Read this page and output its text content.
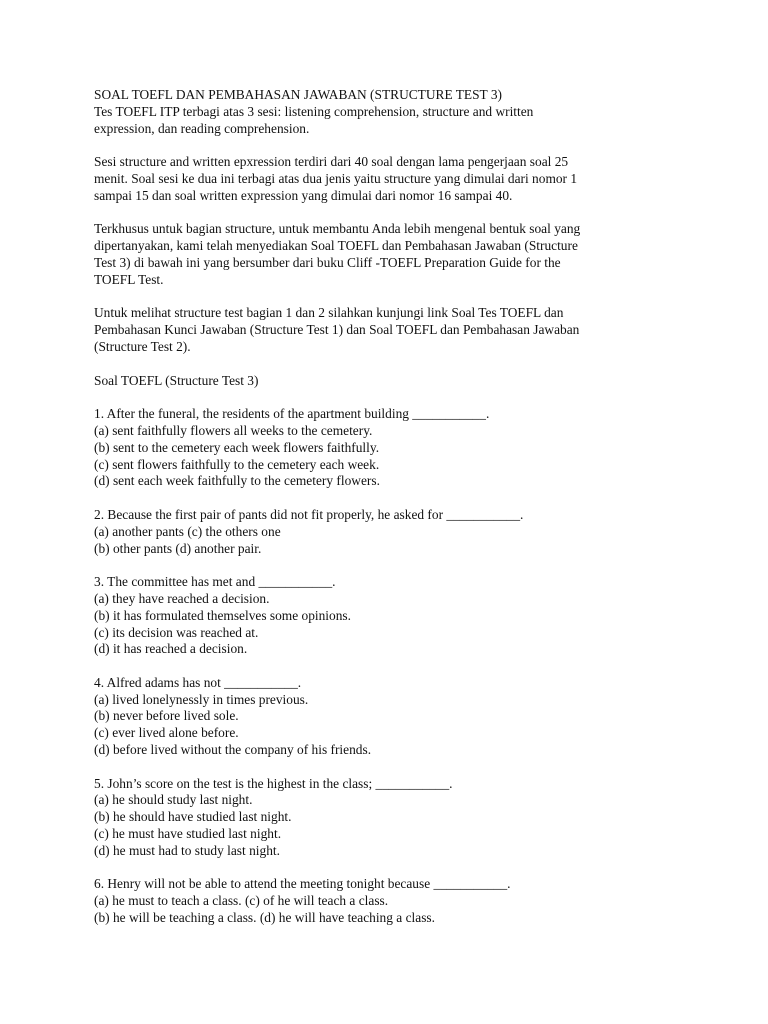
SOAL TOEFL DAN PEMBAHASAN JAWABAN (STRUCTURE TEST 3)
Tes TOEFL ITP terbagi atas 3 sesi: listening comprehension, structure and written
expression, dan reading comprehension.
Sesi structure and written epxression terdiri dari 40 soal dengan lama pengerjaan soal 25
menit. Soal sesi ke dua ini terbagi atas dua jenis yaitu structure yang dimulai dari nomor 1
sampai 15 dan soal written expression yang dimulai dari nomor 16 sampai 40.
Terkhusus untuk bagian structure, untuk membantu Anda lebih mengenal bentuk soal yang
dipertanyakan, kami telah menyediakan Soal TOEFL dan Pembahasan Jawaban (Structure
Test 3) di bawah ini yang bersumber dari buku Cliff -TOEFL Preparation Guide for the
TOEFL Test.
Untuk melihat structure test bagian 1 dan 2 silahkan kunjungi link Soal Tes TOEFL dan
Pembahasan Kunci Jawaban (Structure Test 1) dan Soal TOEFL dan Pembahasan Jawaban
(Structure Test 2).
Soal TOEFL (Structure Test 3)
1. After the funeral, the residents of the apartment building ___________.
(a) sent faithfully flowers all weeks to the cemetery.
(b) sent to the cemetery each week flowers faithfully.
(c) sent flowers faithfully to the cemetery each week.
(d) sent each week faithfully to the cemetery flowers.
2. Because the first pair of pants did not fit properly, he asked for ___________.
(a) another pants (c) the others one
(b) other pants (d) another pair.
3. The committee has met and ___________.
(a) they have reached a decision.
(b) it has formulated themselves some opinions.
(c) its decision was reached at.
(d) it has reached a decision.
4. Alfred adams has not ___________.
(a) lived lonelynessly in times previous.
(b) never before lived sole.
(c) ever lived alone before.
(d) before lived without the company of his friends.
5. John’s score on the test is the highest in the class; ___________.
(a) he should study last night.
(b) he should have studied last night.
(c) he must have studied last night.
(d) he must had to study last night.
6. Henry will not be able to attend the meeting tonight because ___________.
(a) he must to teach a class. (c) of he will teach a class.
(b) he will be teaching a class. (d) he will have teaching a class.
